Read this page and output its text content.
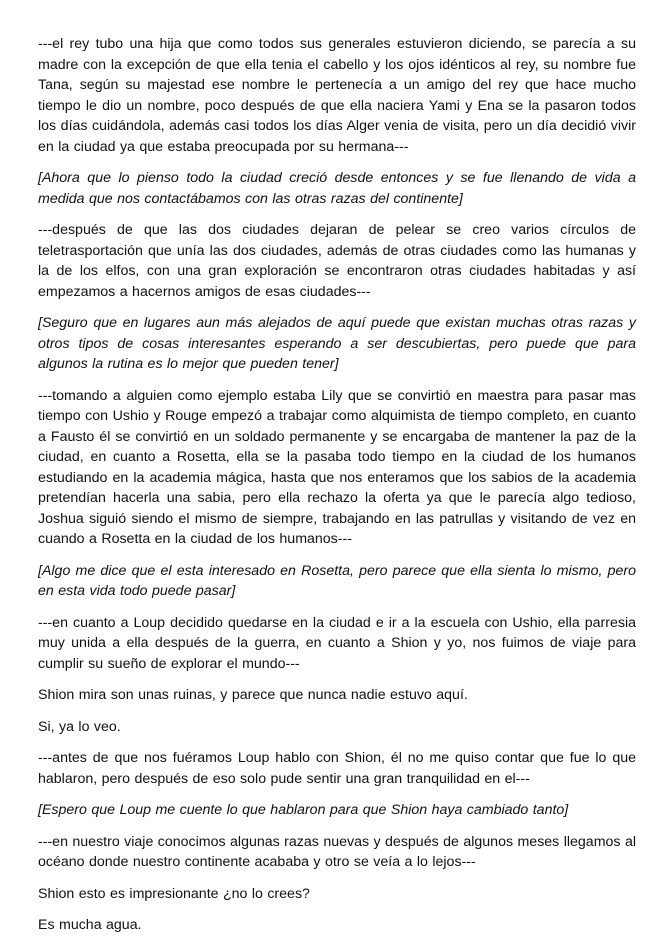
---el rey tubo una hija que como todos sus generales estuvieron diciendo, se parecía a su madre con la excepción de que ella tenia el cabello y los ojos idénticos al rey, su nombre fue Tana, según su majestad ese nombre le pertenecía a un amigo del rey que hace mucho tiempo le dio un nombre, poco después de que ella naciera Yami y Ena se la pasaron todos los días cuidándola, además casi todos los días Alger venia de visita, pero un día decidió vivir en la ciudad ya que estaba preocupada por su hermana---

[Ahora que lo pienso todo la ciudad creció desde entonces y se fue llenando de vida a medida que nos contactábamos con las otras razas del continente]

---después de que las dos ciudades dejaran de pelear se creo varios círculos de teletrasportación que unía las dos ciudades, además de otras ciudades como las humanas y la de los elfos, con una gran exploración se encontraron otras ciudades habitadas y así empezamos a hacernos amigos de esas ciudades---

[Seguro que en lugares aun más alejados de aquí puede que existan muchas otras razas y otros tipos de cosas interesantes esperando a ser descubiertas, pero puede que para algunos la rutina es lo mejor que pueden tener]

---tomando a alguien como ejemplo estaba Lily que se convirtió en maestra para pasar mas tiempo con Ushio y Rouge empezó a trabajar como alquimista de tiempo completo, en cuanto a Fausto él se convirtió en un soldado permanente y se encargaba de mantener la paz de la ciudad, en cuanto a Rosetta, ella se la pasaba todo tiempo en la ciudad de los humanos estudiando en la academia mágica, hasta que nos enteramos que los sabios de la academia pretendían hacerla una sabia, pero ella rechazo la oferta ya que le parecía algo tedioso, Joshua siguió siendo el mismo de siempre, trabajando en las patrullas y visitando de vez en cuando a Rosetta en la ciudad de los humanos---

[Algo me dice que el esta interesado en Rosetta, pero parece que ella sienta lo mismo, pero en esta vida todo puede pasar]

---en cuanto a Loup decidido quedarse en la ciudad e ir a la escuela con Ushio, ella parresia muy unida a ella después de la guerra, en cuanto a Shion y yo, nos fuimos de viaje para cumplir su sueño de explorar el mundo---

Shion mira son unas ruinas, y parece que nunca nadie estuvo aquí.

Si, ya lo veo.

---antes de que nos fuéramos Loup hablo con Shion, él no me quiso contar que fue lo que hablaron, pero después de eso solo pude sentir una gran tranquilidad en el---

[Espero que Loup me cuente lo que hablaron para que Shion haya cambiado tanto]

---en nuestro viaje conocimos algunas razas nuevas y después de algunos meses llegamos al océano donde nuestro continente acababa y otro se veía a lo lejos---

Shion esto es impresionante ¿no lo crees?

Es mucha agua.
